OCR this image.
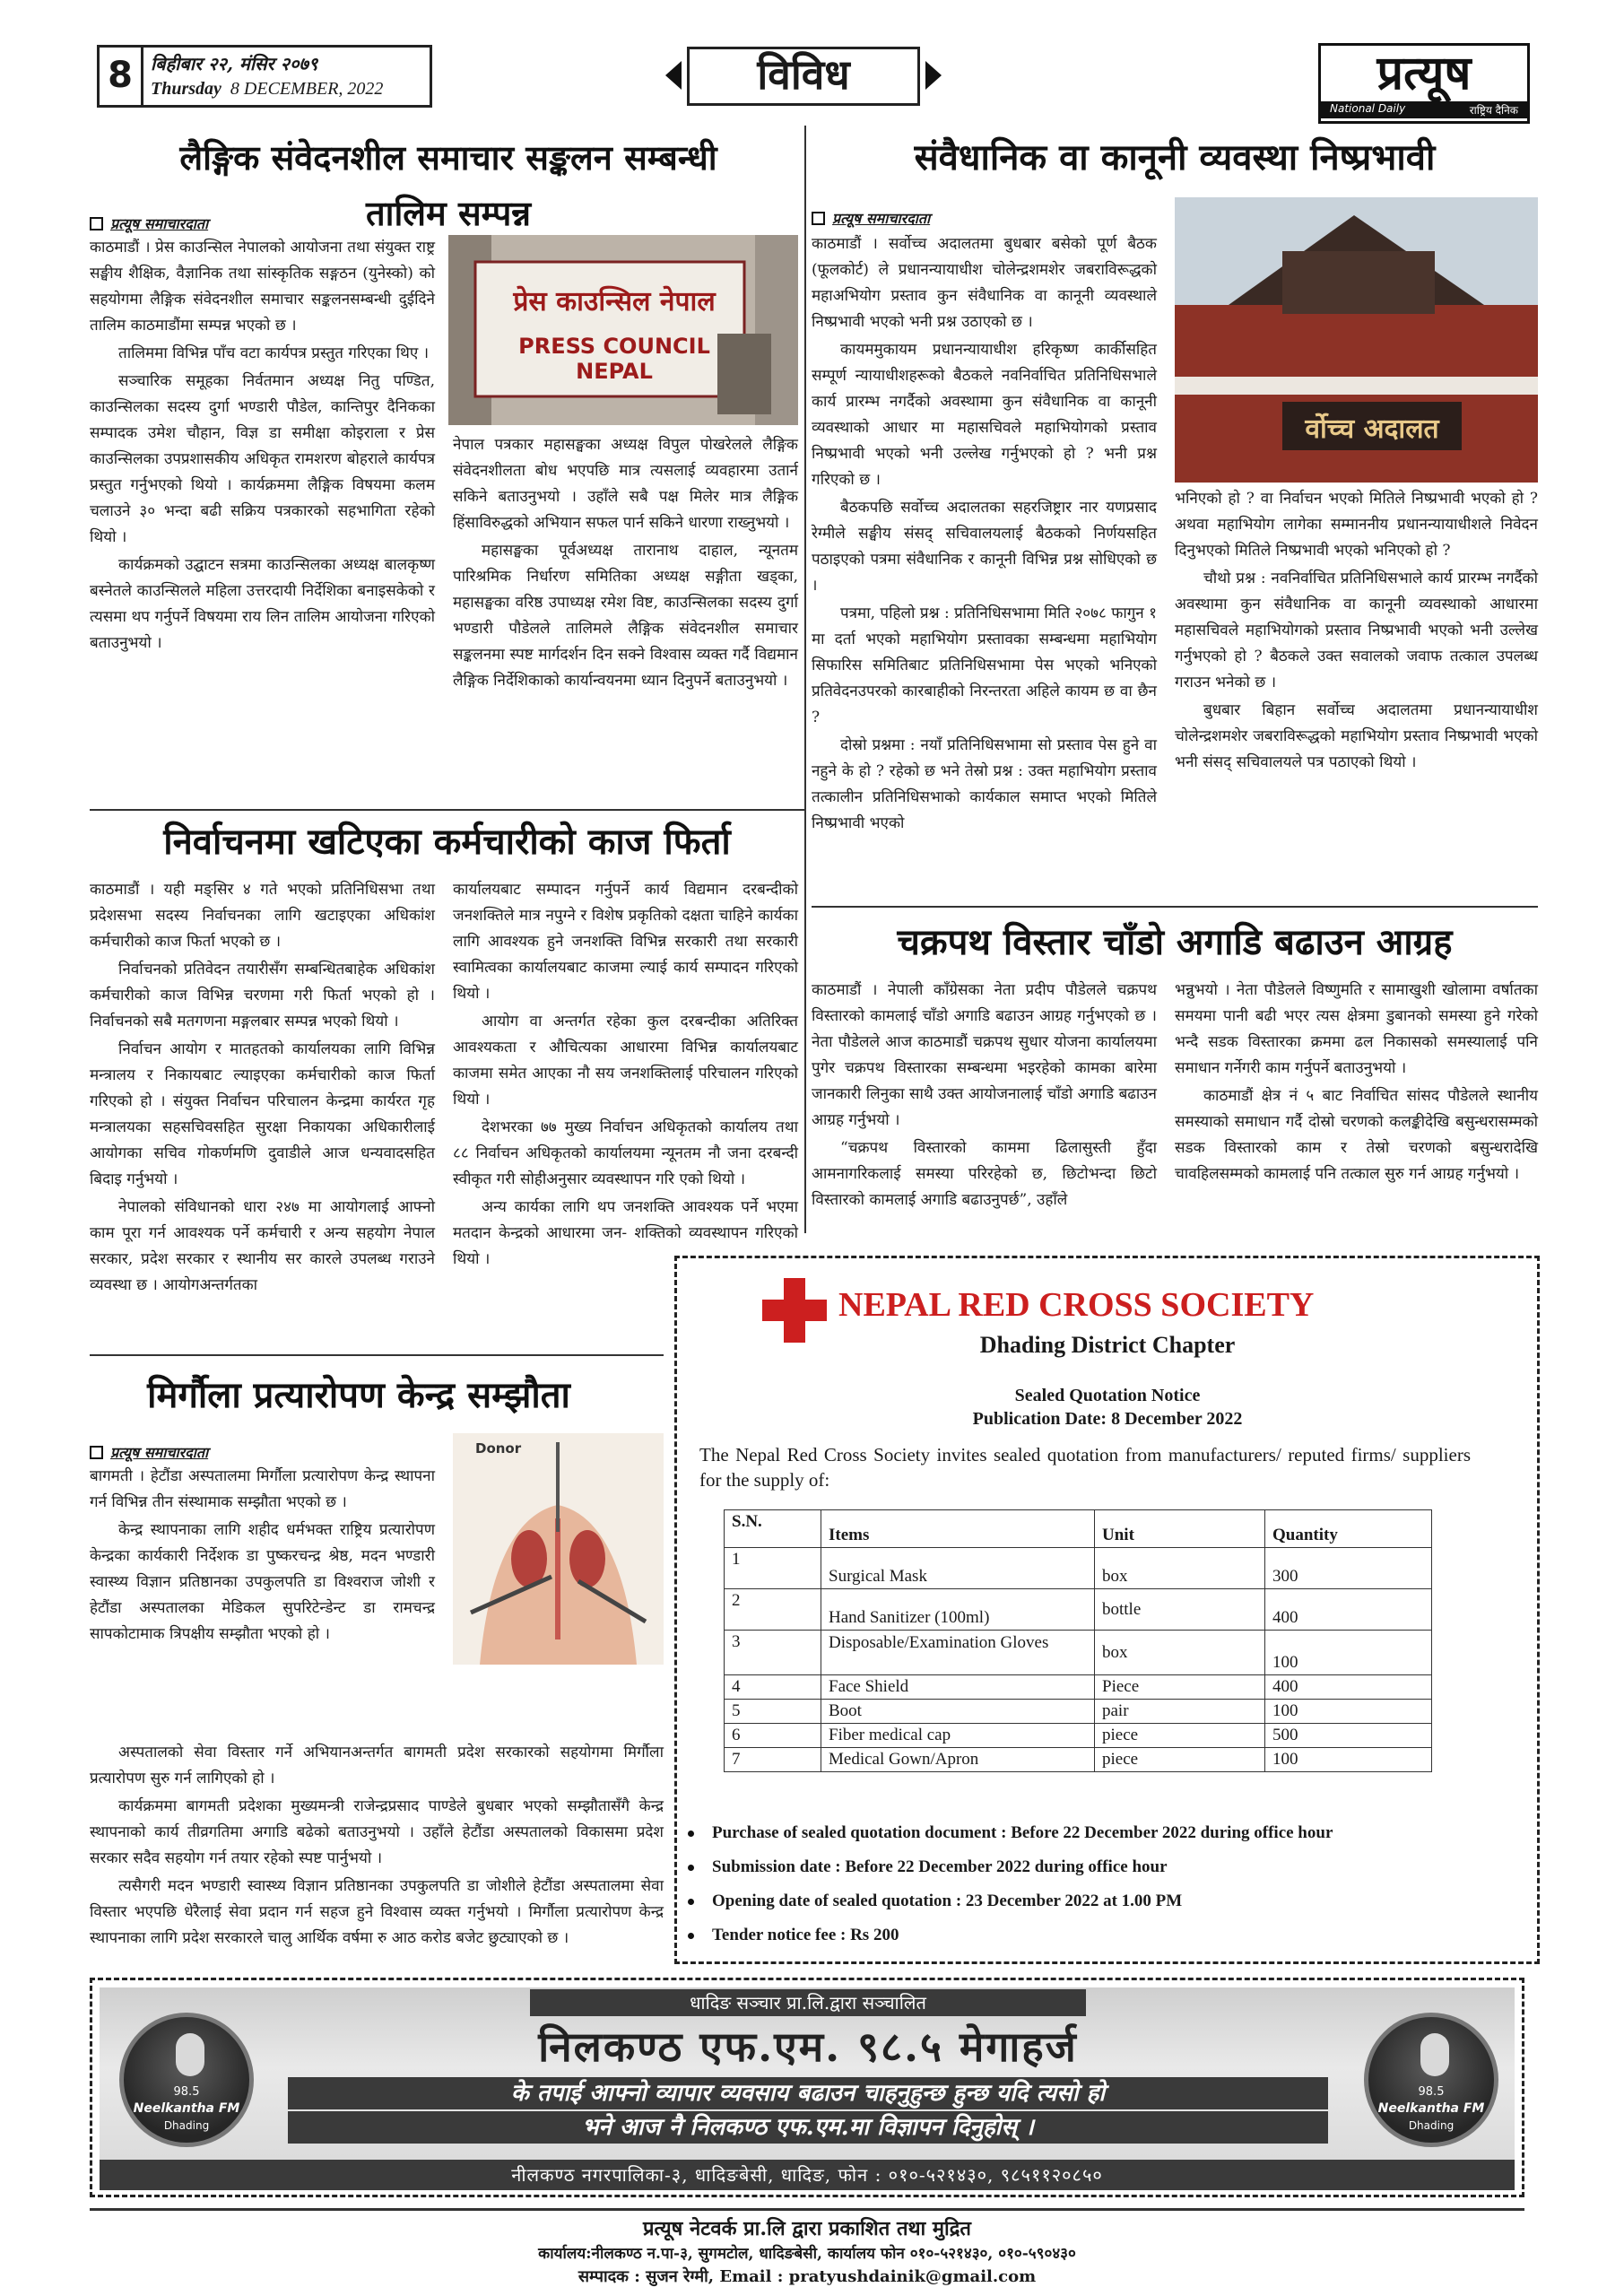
8	बिहीबार २२, मंसिर २०७९
Thursday 8 DECEMBER, 2022	विविध	प्रत्यूष
National Daily	राष्ट्रिय दैनिक
लैङ्गिक संवेदनशील समाचार सङ्कलन सम्बन्धी
तालिम सम्पन्न
प्रत्यूष समाचारदाता
प्रेस काउन्सिल नेपाल
PRESS COUNCIL NEPAL

काठमाडौं । प्रेस काउन्सिल नेपालको आयोजना तथा संयुक्त राष्ट्र सङ्घीय शैक्षिक, वैज्ञानिक तथा सांस्कृतिक सङ्गठन (युनेस्को) को सहयोगमा लैङ्गिक संवेदनशील समाचार सङ्कलनसम्बन्धी दुईदिने तालिम काठमाडौंमा सम्पन्न भएको छ ।

तालिममा विभिन्न पाँच वटा कार्यपत्र प्रस्तुत गरिएका थिए ।

सञ्चारिक समूहका निर्वतमान अध्यक्ष नितु पण्डित, काउन्सिलका सदस्य दुर्गा भण्डारी पौडेल, कान्तिपुर दैनिकका सम्पादक उमेश चौहान, विज्ञ डा समीक्षा कोइराला र प्रेस काउन्सिलका उपप्रशासकीय अधिकृत रामशरण बोहराले कार्यपत्र प्रस्तुत गर्नुभएको थियो । कार्यक्रममा लैङ्गिक विषयमा कलम चलाउने ३० भन्दा बढी सक्रिय पत्रकारको सहभागिता रहेको थियो ।

कार्यक्रमको उद्घाटन सत्रमा काउन्सिलका अध्यक्ष बालकृष्ण बस्नेतले काउन्सिलले महिला उत्तरदायी निर्देशिका बनाइसकेको र त्यसमा थप गर्नुपर्ने विषयमा राय लिन तालिम आयोजना गरिएको बताउनुभयो ।

नेपाल पत्रकार महासङ्घका अध्यक्ष विपुल पोखरेलले लैङ्गिक संवेदनशीलता बोध भएपछि मात्र त्यसलाई व्यवहारमा उतार्न सकिने बताउनुभयो । उहाँले सबै पक्ष मिलेर मात्र लैङ्गिक हिंसाविरुद्धको अभियान सफल पार्न सकिने धारणा राख्नुभयो ।

महासङ्घका पूर्वअध्यक्ष तारानाथ दाहाल, न्यूनतम पारिश्रमिक निर्धारण समितिका अध्यक्ष सङ्गीता खड्का, महासङ्घका वरिष्ठ उपाध्यक्ष रमेश विष्ट, काउन्सिलका सदस्य दुर्गा भण्डारी पौडेलले तालिमले लैङ्गिक संवेदनशील समाचार सङ्कलनमा स्पष्ट मार्गदर्शन दिन सक्ने विश्वास व्यक्त गर्दै विद्यमान लैङ्गिक निर्देशिकाको कार्यान्वयनमा ध्यान दिनुपर्ने बताउनुभयो ।

संवैधानिक वा कानूनी व्यवस्था निष्प्रभावी
प्रत्यूष समाचारदाता
र्वोच्च अदालत

काठमाडौं । सर्वोच्च अदालतमा बुधबार बसेको पूर्ण बैठक (फूलकोर्ट) ले प्रधानन्यायाधीश चोलेन्द्रशमशेर जबराविरूद्धको महाअभियोग प्रस्ताव कुन संवैधानिक वा कानूनी व्यवस्थाले निष्प्रभावी भएको भनी प्रश्न उठाएको छ ।

कायममुकायम प्रधानन्यायाधीश हरिकृष्ण कार्कीसहित सम्पूर्ण न्यायाधीशहरूको बैठकले नवनिर्वाचित प्रतिनिधिसभाले कार्य प्रारम्भ नगर्दैको अवस्थामा कुन संवैधानिक वा कानूनी व्यवस्थाको आधार मा महासचिवले महाभियोगको प्रस्ताव निष्प्रभावी भएको भनी उल्लेख गर्नुभएको हो ? भनी प्रश्न गरिएको छ ।

बैठकपछि सर्वोच्च अदालतका सहरजिष्ट्रार नार यणप्रसाद रेग्मीले सङ्घीय संसद् सचिवालयलाई बैठकको निर्णयसहित पठाइएको पत्रमा संवैधानिक र कानूनी विभिन्न प्रश्न सोधिएको छ ।

पत्रमा, पहिलो प्रश्न : प्रतिनिधिसभामा मिति २०७८ फागुन १ मा दर्ता भएको महाभियोग प्रस्तावका सम्बन्धमा महाभियोग सिफारिस समितिबाट प्रतिनिधिसभामा पेस भएको भनिएको प्रतिवेदनउपरको कारबाहीको निरन्तरता अहिले कायम छ वा छैन ?

दोस्रो प्रश्नमा : नयाँ प्रतिनिधिसभामा सो प्रस्ताव पेस हुने वा नहुने के हो ? रहेको छ भने तेस्रो प्रश्न : उक्त महाभियोग प्रस्ताव तत्कालीन प्रतिनिधिसभाको कार्यकाल समाप्त भएको मितिले निष्प्रभावी भएको

भनिएको हो ? वा निर्वाचन भएको मितिले निष्प्रभावी भएको हो ? अथवा महाभियोग लागेका सम्माननीय प्रधानन्यायाधीशले निवेदन दिनुभएको मितिले निष्प्रभावी भएको भनिएको हो ?

चौथो प्रश्न : नवनिर्वाचित प्रतिनिधिसभाले कार्य प्रारम्भ नगर्दैको अवस्थामा कुन संवैधानिक वा कानूनी व्यवस्थाको आधारमा महासचिवले महाभियोगको प्रस्ताव निष्प्रभावी भएको भनी उल्लेख गर्नुभएको हो ? बैठकले उक्त सवालको जवाफ तत्काल उपलब्ध गराउन भनेको छ ।

बुधबार बिहान सर्वोच्च अदालतमा प्रधानन्यायाधीश चोलेन्द्रशमशेर जबराविरूद्धको महाभियोग प्रस्ताव निष्प्रभावी भएको भनी संसद् सचिवालयले पत्र पठाएको थियो ।

निर्वाचनमा खटिएका कर्मचारीको काज फिर्ता

काठमाडौं । यही मङ्सिर ४ गते भएको प्रतिनिधिसभा तथा प्रदेशसभा सदस्य निर्वाचनका लागि खटाइएका अधिकांश कर्मचारीको काज फिर्ता भएको छ ।

निर्वाचनको प्रतिवेदन तयारीसँग सम्बन्धितबाहेक अधिकांश कर्मचारीको काज विभिन्न चरणमा गरी फिर्ता भएको हो । निर्वाचनको सबै मतगणना मङ्गलबार सम्पन्न भएको थियो ।

निर्वाचन आयोग र मातहतको कार्यालयका लागि विभिन्न मन्त्रालय र निकायबाट ल्याइएका कर्मचारीको काज फिर्ता गरिएको हो । संयुक्त निर्वाचन परिचालन केन्द्रमा कार्यरत गृह मन्त्रालयका सहसचिवसहित सुरक्षा निकायका अधिकारीलाई आयोगका सचिव गोकर्णमणि दुवाडीले आज धन्यवादसहित बिदाइ गर्नुभयो ।

नेपालको संविधानको धारा २४७ मा आयोगलाई आफ्नो काम पूरा गर्न आवश्यक पर्ने कर्मचारी र अन्य सहयोग नेपाल सरकार, प्रदेश सरकार र स्थानीय सर कारले उपलब्ध गराउने व्यवस्था छ । आयोगअन्तर्गतका

कार्यालयबाट सम्पादन गर्नुपर्ने कार्य विद्यमान दरबन्दीको जनशक्तिले मात्र नपुग्ने र विशेष प्रकृतिको दक्षता चाहिने कार्यका लागि आवश्यक हुने जनशक्ति विभिन्न सरकारी तथा सरकारी स्वामित्वका कार्यालयबाट काजमा ल्याई कार्य सम्पादन गरिएको थियो ।

आयोग वा अन्तर्गत रहेका कुल दरबन्दीका अतिरिक्त आवश्यकता र औचित्यका आधारमा विभिन्न कार्यालयबाट काजमा समेत आएका नौ सय जनशक्तिलाई परिचालन गरिएको थियो ।

देशभरका ७७ मुख्य निर्वाचन अधिकृतको कार्यालय तथा ८८ निर्वाचन अधिकृतको कार्यालयमा न्यूनतम नौ जना दरबन्दी स्वीकृत गरी सोहीअनुसार व्यवस्थापन गरि एको थियो ।

अन्य कार्यका लागि थप जनशक्ति आवश्यक पर्ने भएमा मतदान केन्द्रको आधारमा जन- शक्तिको व्यवस्थापन गरिएको थियो ।

चक्रपथ विस्तार चाँडो अगाडि बढाउन आग्रह

काठमाडौं । नेपाली काँग्रेसका नेता प्रदीप पौडेलले चक्रपथ विस्तारको कामलाई चाँडो अगाडि बढाउन आग्रह गर्नुभएको छ । नेता पौडेलले आज काठमाडौं चक्रपथ सुधार योजना कार्यालयमा पुगेर चक्रपथ विस्तारका सम्बन्धमा भइरहेको कामका बारेमा जानकारी लिनुका साथै उक्त आयोजनालाई चाँडो अगाडि बढाउन आग्रह गर्नुभयो ।

“चक्रपथ विस्तारको काममा ढिलासुस्ती हुँदा आमनागरिकलाई समस्या परिरहेको छ, छिटोभन्दा छिटो विस्तारको कामलाई अगाडि बढाउनुपर्छ”, उहाँले

भन्नुभयो । नेता पौडेलले विष्णुमति र सामाखुशी खोलामा वर्षातका समयमा पानी बढी भएर त्यस क्षेत्रमा डुबानको समस्या हुने गरेको भन्दै सडक विस्तारका क्रममा ढल निकासको समस्यालाई पनि समाधान गर्नेगरी काम गर्नुपर्ने बताउनुभयो ।

काठमाडौं क्षेत्र नं ५ बाट निर्वाचित सांसद पौडेलले स्थानीय समस्याको समाधान गर्दै दोस्रो चरणको कलङ्कीदेखि बसुन्धरासम्मको सडक विस्तारको काम र तेस्रो चरणको बसुन्धरादेखि चावहिलसम्मको कामलाई पनि तत्काल सुरु गर्न आग्रह गर्नुभयो ।

मिर्गौला प्रत्यारोपण केन्द्र सम्झौता
प्रत्यूष समाचारदाता	Donor

बागमती । हेटौंडा अस्पतालमा मिर्गौला प्रत्यारोपण केन्द्र स्थापना गर्न विभिन्न तीन संस्थामाक सम्झौता भएको छ ।

केन्द्र स्थापनाका लागि शहीद धर्मभक्त राष्ट्रिय प्रत्यारोपण केन्द्रका कार्यकारी निर्देशक डा पुष्करचन्द्र श्रेष्ठ, मदन भण्डारी स्वास्थ्य विज्ञान प्रतिष्ठानका उपकुलपति डा विश्वराज जोशी र हेटौंडा अस्पतालका मेडिकल सुपरिटेन्डेन्ट डा रामचन्द्र सापकोटामाक त्रिपक्षीय सम्झौता भएको हो ।

अस्पतालको सेवा विस्तार गर्ने अभियानअन्तर्गत बागमती प्रदेश सरकारको सहयोगमा मिर्गौला प्रत्यारोपण सुरु गर्न लागिएको हो ।

कार्यक्रममा बागमती प्रदेशका मुख्यमन्त्री राजेन्द्रप्रसाद पाण्डेले बुधबार भएको सम्झौतासँगै केन्द्र स्थापनाको कार्य तीव्रगतिमा अगाडि बढेको बताउनुभयो । उहाँले हेटौंडा अस्पतालको विकासमा प्रदेश सरकार सदैव सहयोग गर्न तयार रहेको स्पष्ट पार्नुभयो ।

त्यसैगरी मदन भण्डारी स्वास्थ्य विज्ञान प्रतिष्ठानका उपकुलपति डा जोशीले हेटौंडा अस्पतालमा सेवा विस्तार भएपछि धेरैलाई सेवा प्रदान गर्न सहज हुने विश्वास व्यक्त गर्नुभयो । मिर्गौला प्रत्यारोपण केन्द्र स्थापनाका लागि प्रदेश सरकारले चालु आर्थिक वर्षमा रु आठ करोड बजेट छुट्याएको छ ।

NEPAL RED CROSS SOCIETY
Dhading District Chapter
Sealed Quotation Notice
Publication Date: 8 December 2022
The Nepal Red Cross Society invites sealed quotation from manufacturers/ reputed firms/ suppliers for the supply of:
S.N.	Items	Unit	Quantity
1	Surgical Mask	box	300
2	Hand Sanitizer (100ml)	bottle	400
3	Disposable/Examination Gloves	box	100
4	Face Shield	Piece	400
5	Boot	pair	100
6	Fiber medical cap	piece	500
7	Medical Gown/Apron	piece	100
Purchase of sealed quotation document : Before 22 December 2022 during office hour
Submission date : Before 22 December 2022 during office hour
Opening date of sealed quotation : 23 December 2022 at 1.00 PM
Tender notice fee : Rs 200
धादिङ सञ्चार प्रा.लि.द्वारा सञ्चालित
निलकण्ठ एफ.एम. ९८.५ मेगाहर्ज
के तपाई आफ्नो व्यापार व्यवसाय बढाउन चाहनुहुन्छ हुन्छ यदि त्यसो हो
भने आज नै निलकण्ठ एफ.एम.मा विज्ञापन दिनुहोस् ।
नीलकण्ठ नगरपालिका-३, धादिङबेसी, धादिङ, फोन : ०१०-५२१४३०, ९८५११२०८५०
98.5
Neelkantha FM
Dhading
98.5
Neelkantha FM
Dhading
प्रत्यूष नेटवर्क प्रा.लि द्वारा प्रकाशित तथा मुद्रित
कार्यालय:नीलकण्ठ न.पा-३, सुगमटोल, धादिङबेसी, कार्यालय फोन ०१०-५२१४३०, ०१०-५९०४३०
सम्पादक : सुजन रेग्मी, Email : pratyushdainik@gmail.com
